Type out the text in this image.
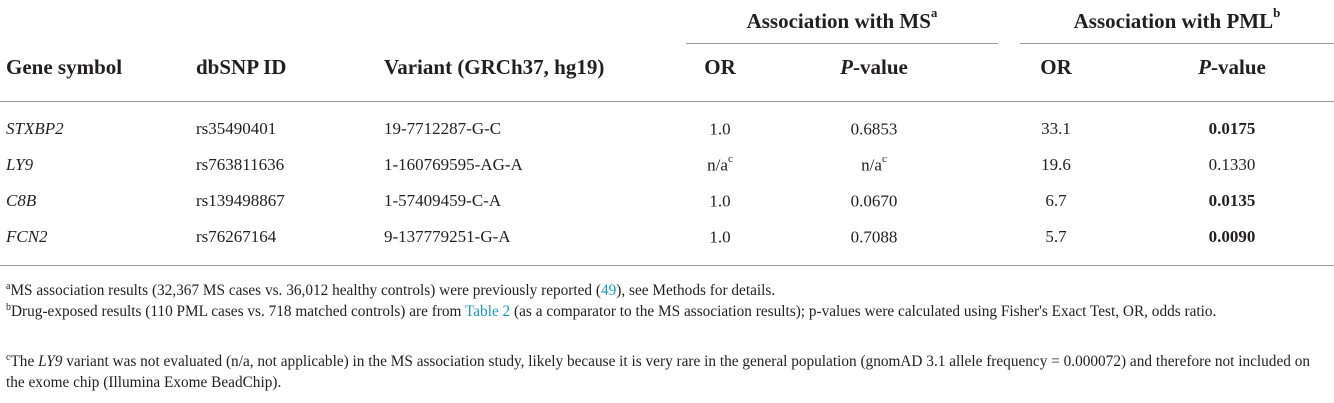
Association with $MS^a$	Association with PML$^b$
Gene symbol	dbSNP ID	Variant (GRCh37, hg19)	OR	P-value	OR	P-value
STXBP2	rs35490401	19-7712287-G-C	1.0	0.6853	33.1	0.0175
LY9	rs763811636	1-160769595-AG-A	$n/a^c$	$n/a^c$	19.6	0.1330
C8B	rs139498867	1-57409459-C-A	1.0	0.0670	6.7	0.0135
FCN2	rs76267164	9-137779251-G-A	1.0	0.7088	5.7	0.0090
$^a$MS association results (32,367 MS cases vs. 36,012 healthy controls) were previously reported (49), see Methods for details.
$^b$Drug-exposed results (110 PML cases vs. 718 matched controls) are from Table 2 (as a comparator to the MS association results); p-values were calculated using Fisher's Exact Test, OR, odds ratio.
$^c$The LY9 variant was not evaluated (n/a, not applicable) in the MS association study, likely because it is very rare in the general population (gnomAD 3.1 allele frequency = 0.000072) and therefore not included on the exome chip (Illumina Exome BeadChip).
